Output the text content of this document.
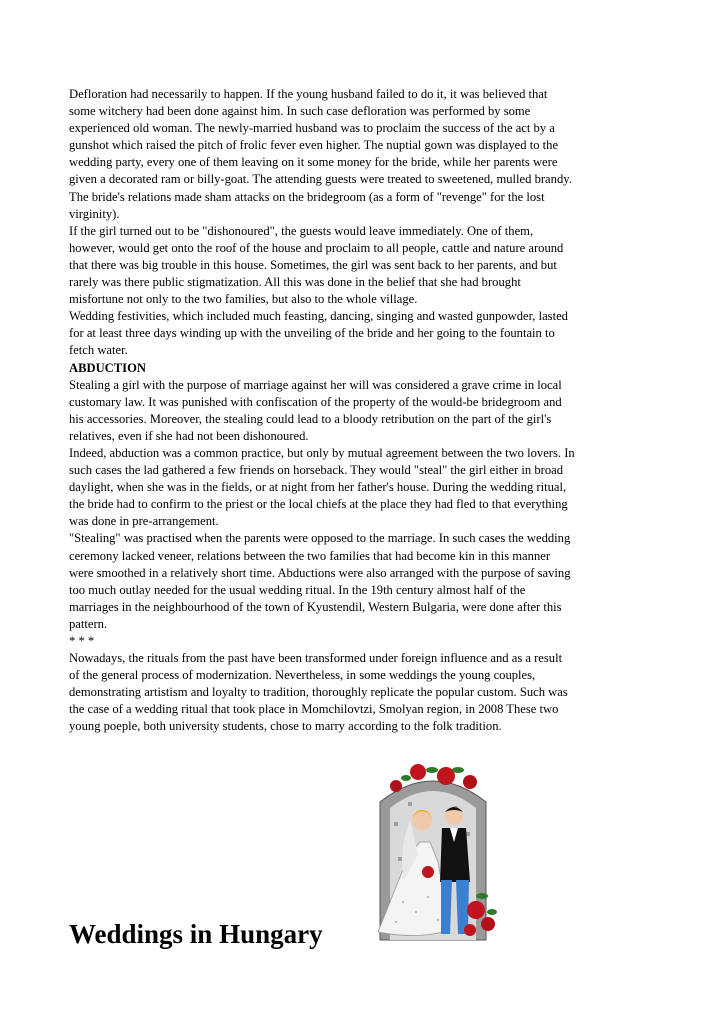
Defloration had necessarily to happen. If the young husband failed to do it, it was believed that
some witchery had been done against him. In such case defloration was performed by some
experienced old woman. The newly-married husband was to proclaim the success of the act by a
gunshot which raised the pitch of frolic fever even higher. The nuptial gown was displayed to the
wedding party, every one of them leaving on it some money for the bride, while her parents were
given a decorated ram or billy-goat. The attending guests were treated to sweetened, mulled brandy.
The bride's relations made sham attacks on the bridegroom (as a form of "revenge" for the lost
virginity).
If the girl turned out to be "dishonoured", the guests would leave immediately. One of them,
however, would get onto the roof of the house and proclaim to all people, cattle and nature around
that there was big trouble in this house. Sometimes, the girl was sent back to her parents, and but
rarely was there public stigmatization. All this was done in the belief that she had brought
misfortune not only to the two families, but also to the whole village.
Wedding festivities, which included much feasting, dancing, singing and wasted gunpowder, lasted
for at least three days winding up with the unveiling of the bride and her going to the fountain to
fetch water.
ABDUCTION
Stealing a girl with the purpose of marriage against her will was considered a grave crime in local
customary law. It was punished with confiscation of the property of the would-be bridegroom and
his accessories. Moreover, the stealing could lead to a bloody retribution on the part of the girl's
relatives, even if she had not been dishonoured.
Indeed, abduction was a common practice, but only by mutual agreement between the two lovers. In
such cases the lad gathered a few friends on horseback. They would "steal" the girl either in broad
daylight, when she was in the fields, or at night from her father's house. During the wedding ritual,
the bride had to confirm to the priest or the local chiefs at the place they had fled to that everything
was done in pre-arrangement.
"Stealing" was practised when the parents were opposed to the marriage. In such cases the wedding
ceremony lacked veneer, relations between the two families that had become kin in this manner
were smoothed in a relatively short time. Abductions were also arranged with the purpose of saving
too much outlay needed for the usual wedding ritual. In the 19th century almost half of the
marriages in the neighbourhood of the town of Kyustendil, Western Bulgaria, were done after this
pattern.
* * *
Nowadays, the rituals from the past have been transformed under foreign influence and as a result
of the general process of modernization. Nevertheless, in some weddings the young couples,
demonstrating artistism and loyalty to tradition, thoroughly replicate the popular custom. Such was
the case of a wedding ritual that took place in Momchilovtzi, Smolyan region, in 2008 These two
young poeple, both university students, chose to marry according to the folk tradition.
Weddings in Hungary
